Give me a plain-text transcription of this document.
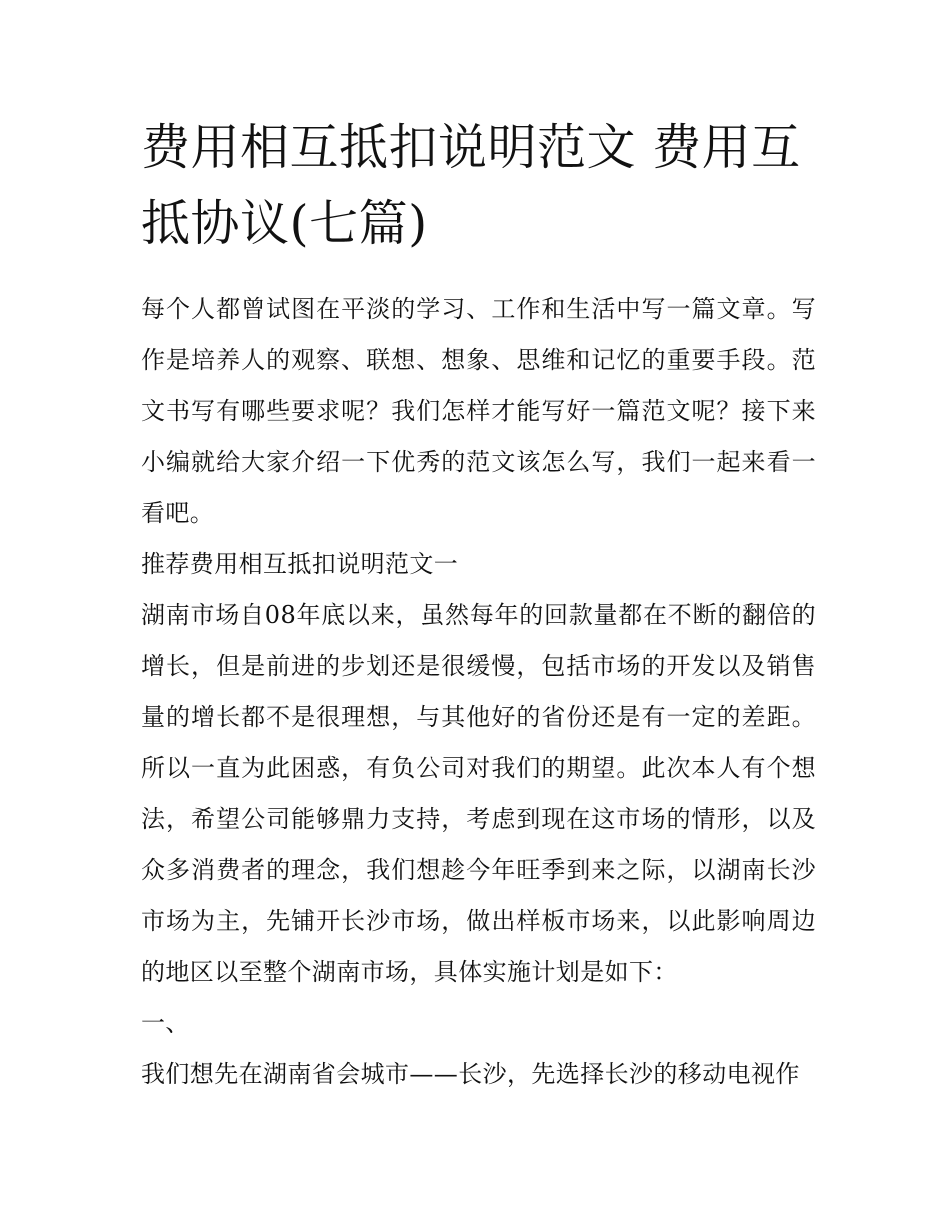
费用相互抵扣说明范文 费用互抵协议(七篇)

每个人都曾试图在平淡的学习、工作和生活中写一篇文章。写作是培养人的观察、联想、想象、思维和记忆的重要手段。范文书写有哪些要求呢？我们怎样才能写好一篇范文呢？接下来小编就给大家介绍一下优秀的范文该怎么写，我们一起来看一看吧。

推荐费用相互抵扣说明范文一

湖南市场自08年底以来，虽然每年的回款量都在不断的翻倍的增长，但是前进的步划还是很缓慢，包括市场的开发以及销售量的增长都不是很理想，与其他好的省份还是有一定的差距。所以一直为此困惑，有负公司对我们的期望。此次本人有个想法，希望公司能够鼎力支持，考虑到现在这市场的情形，以及众多消费者的理念，我们想趁今年旺季到来之际，以湖南长沙市场为主，先铺开长沙市场，做出样板市场来，以此影响周边的地区以至整个湖南市场，具体实施计划是如下：

一、

我们想先在湖南省会城市——长沙，先选择长沙的移动电视作
